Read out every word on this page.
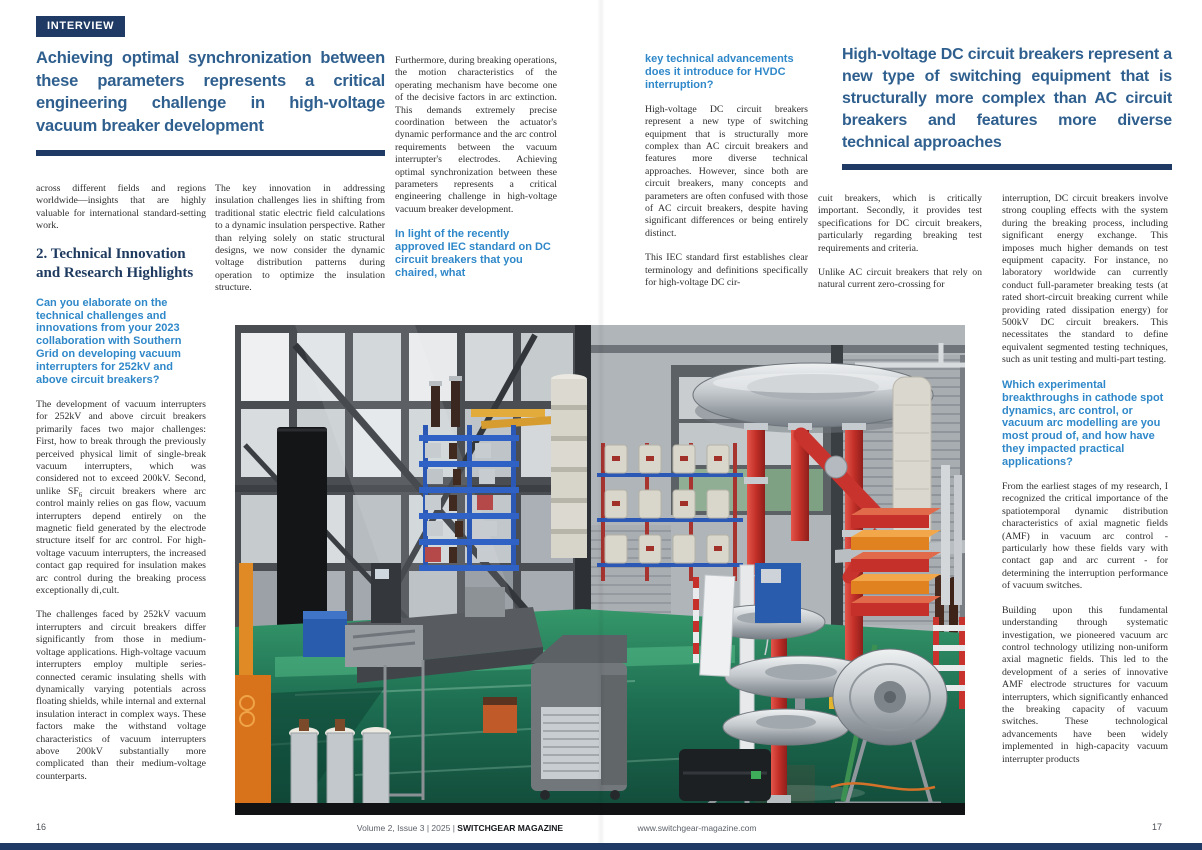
INTERVIEW
Achieving optimal synchronization between these parameters represents a critical engineering challenge in high-voltage vacuum breaker development
High-voltage DC circuit breakers represent a new type of switching equipment that is structurally more complex than AC circuit breakers and features more diverse technical approaches

across different fields and regions worldwide—insights that are highly valuable for international standard-setting work.

2. Technical Innovation and Research Highlights

Can you elaborate on the technical challenges and innovations from your 2023 collaboration with Southern Grid on developing vacuum interrupters for 252kV and above circuit breakers?

The development of vacuum interrupters for 252kV and above circuit breakers primarily faces two major challenges: First, how to break through the previously perceived physical limit of single-break vacuum interrupters, which was considered not to exceed 200kV. Second, unlike $SF_6$ circuit breakers where arc control mainly relies on gas flow, vacuum interrupters depend entirely on the magnetic field generated by the electrode structure itself for arc control. For high-voltage vacuum interrupters, the increased contact gap required for insulation makes arc control during the breaking process exceptionally di‚cult.

The challenges faced by 252kV vacuum interrupters and circuit breakers differ significantly from those in medium-voltage applications. High-voltage vacuum interrupters employ multiple series-connected ceramic insulating shells with dynamically varying potentials across floating shields, while internal and external insulation interact in complex ways. These factors make the withstand voltage characteristics of vacuum interrupters above 200kV substantially more complicated than their medium-voltage counterparts.

The key innovation in addressing insulation challenges lies in shifting from traditional static electric field calculations to a dynamic insulation perspective. Rather than relying solely on static structural designs, we now consider the dynamic voltage distribution patterns during operation to optimize the insulation structure.

Furthermore, during breaking operations, the motion characteristics of the operating mechanism have become one of the decisive factors in arc extinction. This demands extremely precise coordination between the actuator's dynamic performance and the arc control requirements between the vacuum interrupter's electrodes. Achieving optimal synchronization between these parameters represents a critical engineering challenge in high-voltage vacuum breaker development.

In light of the recently approved IEC standard on DC circuit breakers that you chaired, what

key technical advancements does it introduce for HVDC interruption?

High-voltage DC circuit breakers represent a new type of switching equipment that is structurally more complex than AC circuit breakers and features more diverse technical approaches. However, since both are circuit breakers, many concepts and parameters are often confused with those of AC circuit breakers, despite having significant differences or being entirely distinct.

This IEC standard first establishes clear terminology and definitions specifically for high-voltage DC cir-

cuit breakers, which is critically important. Secondly, it provides test specifications for DC circuit breakers, particularly regarding breaking test requirements and criteria.

Unlike AC circuit breakers that rely on natural current zero-crossing for

interruption, DC circuit breakers involve strong coupling effects with the system during the breaking process, including significant energy exchange. This imposes much higher demands on test equipment capacity. For instance, no laboratory worldwide can currently conduct full-parameter breaking tests (at rated short-circuit breaking current while providing rated dissipation energy) for 500kV DC circuit breakers. This necessitates the standard to define equivalent segmented testing techniques, such as unit testing and multi-part testing.

Which experimental breakthroughs in cathode spot dynamics, arc control, or vacuum arc modelling are you most proud of, and how have they impacted practical applications?

From the earliest stages of my research, I recognized the critical importance of the spatiotemporal dynamic distribution characteristics of axial magnetic fields (AMF) in vacuum arc control - particularly how these fields vary with contact gap and arc current - for determining the interruption performance of vacuum switches.

Building upon this fundamental understanding through systematic investigation, we pioneered vacuum arc control technology utilizing non-uniform axial magnetic fields. This led to the development of a series of innovative AMF electrode structures for vacuum interrupters, which significantly enhanced the breaking capacity of vacuum switches. These technological advancements have been widely implemented in high-capacity vacuum interrupter products

16	Volume 2, Issue 3 | 2025 | SWITCHGEAR MAGAZINE	www.switchgear-magazine.com	17
